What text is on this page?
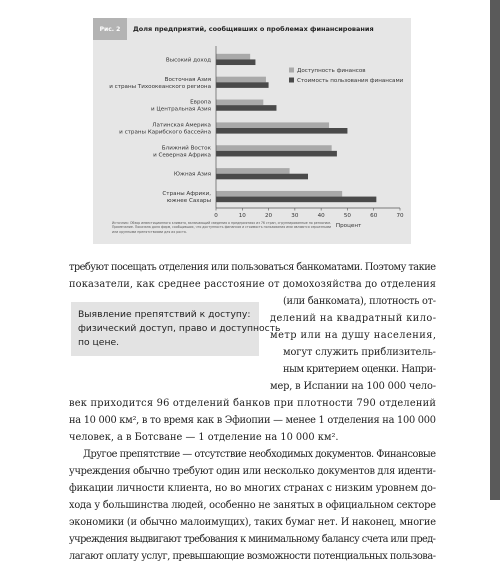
Рис. 2	Доля предприятий, сообщивших о проблемах финансирования
Высокий доход
Восточная Азия и страны Тихоокеанского региона
Европа и Центральная Азия
Латинская Америка и страны Карибского бассейна
Ближний Восток и Северная Африка
Южная Азия
Страны Африки, южнее Сахары
0	10	20	30	40	50	60	70
Процент
Доступность финансов
Стоимость пользования финансами
Источник: Обзор инвестиционного климата, включающий сведения о предприятиях из 76 стран, сгруппированные по регионам.
Примечание. Показана доля фирм, сообщивших, что доступность финансов и стоимость пользования ими являются серьезными
или крупными препятствиями для их роста.
Выявление препятствий к доступу:
физический доступ, право и доступность
по цене.
требуют посещать отделения или пользоваться банкоматами. Поэтому такие
показатели, как среднее расстояние от домохозяйства до отделения
(или банкомата), плотность от-
делений на квадратный кило-
метр или на душу населения,
могут служить приблизитель-
ным критерием оценки. Напри-
мер, в Испании на 100 000 чело-
век приходится 96 отделений банков при плотности 790 отделений
на 10 000 км², в то время как в Эфиопии — менее 1 отделения на 100 000
человек, а в Ботсване — 1 отделение на 10 000 км².
Другое препятствие — отсутствие необходимых документов. Финансовые
учреждения обычно требуют один или несколько документов для иденти-
фикации личности клиента, но во многих странах с низким уровнем до-
хода у большинства людей, особенно не занятых в официальном секторе
экономики (и обычно малоимущих), таких бумаг нет. И наконец, многие
учреждения выдвигают требования к минимальному балансу счета или пред-
лагают оплату услуг, превышающие возможности потенциальных пользова-
